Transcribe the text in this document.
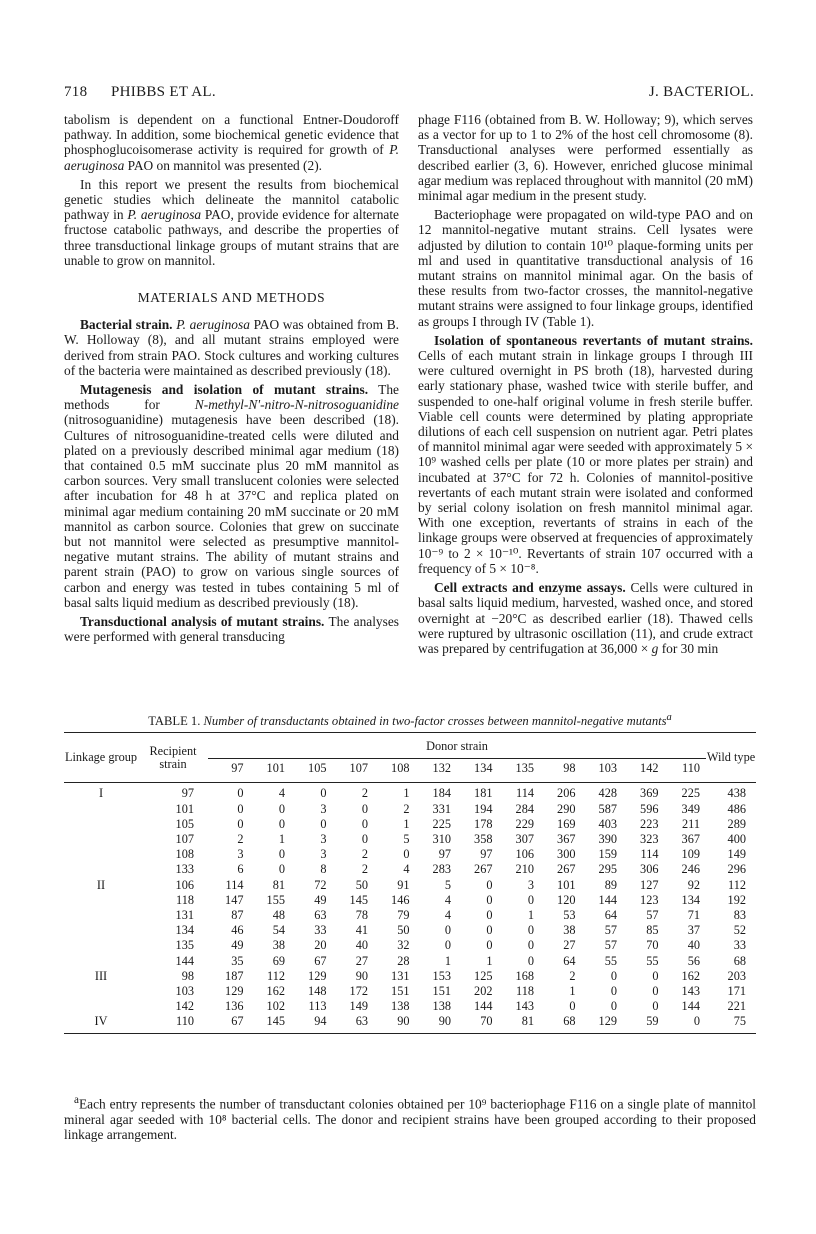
718 PHIBBS ET AL.	J. BACTERIOL.

tabolism is dependent on a functional Entner-Doudoroff pathway. In addition, some biochemical genetic evidence that phosphoglucoisomerase activity is required for growth of P. aeruginosa PAO on mannitol was presented (2).

In this report we present the results from biochemical genetic studies which delineate the mannitol catabolic pathway in P. aeruginosa PAO, provide evidence for alternate fructose catabolic pathways, and describe the properties of three transductional linkage groups of mutant strains that are unable to grow on mannitol.

MATERIALS AND METHODS

Bacterial strain. P. aeruginosa PAO was obtained from B. W. Holloway (8), and all mutant strains employed were derived from strain PAO. Stock cultures and working cultures of the bacteria were maintained as described previously (18).

Mutagenesis and isolation of mutant strains. The methods for	N-methyl-N'-nitro-N-nitrosoguanidine (nitrosoguanidine) mutagenesis have been described (18). Cultures of nitrosoguanidine-treated cells were diluted and plated on a previously described minimal agar medium (18) that contained 0.5 mM succinate plus 20 mM mannitol as carbon sources. Very small translucent colonies were selected after incubation for 48 h at 37°C and replica plated on minimal agar medium containing 20 mM succinate or 20 mM mannitol as carbon source. Colonies that grew on succinate but not mannitol were selected as presumptive mannitol-negative mutant strains. The ability of mutant strains and parent strain (PAO) to grow on various single sources of carbon and energy was tested in tubes containing 5 ml of basal salts liquid medium as described previously (18).

Transductional analysis of mutant strains. The analyses were performed with general transducing

phage F116 (obtained from B. W. Holloway; 9), which serves as a vector for up to 1 to 2% of the host cell chromosome (8). Transductional analyses were performed essentially as described earlier (3, 6). However, enriched glucose minimal agar medium was replaced throughout with mannitol (20 mM) minimal agar medium in the present study.

Bacteriophage were propagated on wild-type PAO and on 12 mannitol-negative mutant strains. Cell lysates were adjusted by dilution to contain 10¹⁰ plaque-forming units per ml and used in quantitative transductional analysis of 16 mutant strains on mannitol minimal agar. On the basis of these results from two-factor crosses, the mannitol-negative mutant strains were assigned to four linkage groups, identified as groups I through IV (Table 1).

Isolation of spontaneous revertants of mutant strains. Cells of each mutant strain in linkage groups I through III were cultured overnight in PS broth (18), harvested during early stationary phase, washed twice with sterile buffer, and suspended to one-half original volume in fresh sterile buffer. Viable cell counts were determined by plating appropriate dilutions of each cell suspension on nutrient agar. Petri plates of mannitol minimal agar were seeded with approximately 5 × 10⁹ washed cells per plate (10 or more plates per strain) and incubated at 37°C for 72 h. Colonies of mannitol-positive revertants of each mutant strain were isolated and conformed by serial colony isolation on fresh mannitol minimal agar. With one exception, revertants of strains in each of the linkage groups were observed at frequencies of approximately 10⁻⁹ to 2 × 10⁻¹⁰. Revertants of strain 107 occurred with a frequency of 5 × 10⁻⁸.

Cell extracts and enzyme assays. Cells were cultured in basal salts liquid medium, harvested, washed once, and stored overnight at −20°C as described earlier (18). Thawed cells were ruptured by ultrasonic oscillation (11), and crude extract was prepared by centrifugation at 36,000 × g for 30 min

TABLE 1. Number of transductants obtained in two-factor crosses between mannitol-negative mutants$^a$
Linkage group	Recipient strain	Donor strain												Wild type
		97	101	105	107	108	132	134	135	98	103	142	110	
I	97	0	4	0	2	1	184	181	114	206	428	369	225	438
	101	0	0	3	0	2	331	194	284	290	587	596	349	486
	105	0	0	0	0	1	225	178	229	169	403	223	211	289
	107	2	1	3	0	5	310	358	307	367	390	323	367	400
	108	3	0	3	2	0	97	97	106	300	159	114	109	149
	133	6	0	8	2	4	283	267	210	267	295	306	246	296
II	106	114	81	72	50	91	5	0	3	101	89	127	92	112
	118	147	155	49	145	146	4	0	0	120	144	123	134	192
	131	87	48	63	78	79	4	0	1	53	64	57	71	83
	134	46	54	33	41	50	0	0	0	38	57	85	37	52
	135	49	38	20	40	32	0	0	0	27	57	70	40	33
	144	35	69	67	27	28	1	1	0	64	55	55	56	68
III	98	187	112	129	90	131	153	125	168	2	0	0	162	203
	103	129	162	148	172	151	151	202	118	1	0	0	143	171
	142	136	102	113	149	138	138	144	143	0	0	0	144	221
IV	110	67	145	94	63	90	90	70	81	68	129	59	0	75
$^a$Each entry represents the number of transductant colonies obtained per 10⁹ bacteriophage F116 on a single plate of mannitol mineral agar seeded with 10⁸ bacterial cells. The donor and recipient strains have been grouped according to their proposed linkage arrangement.
